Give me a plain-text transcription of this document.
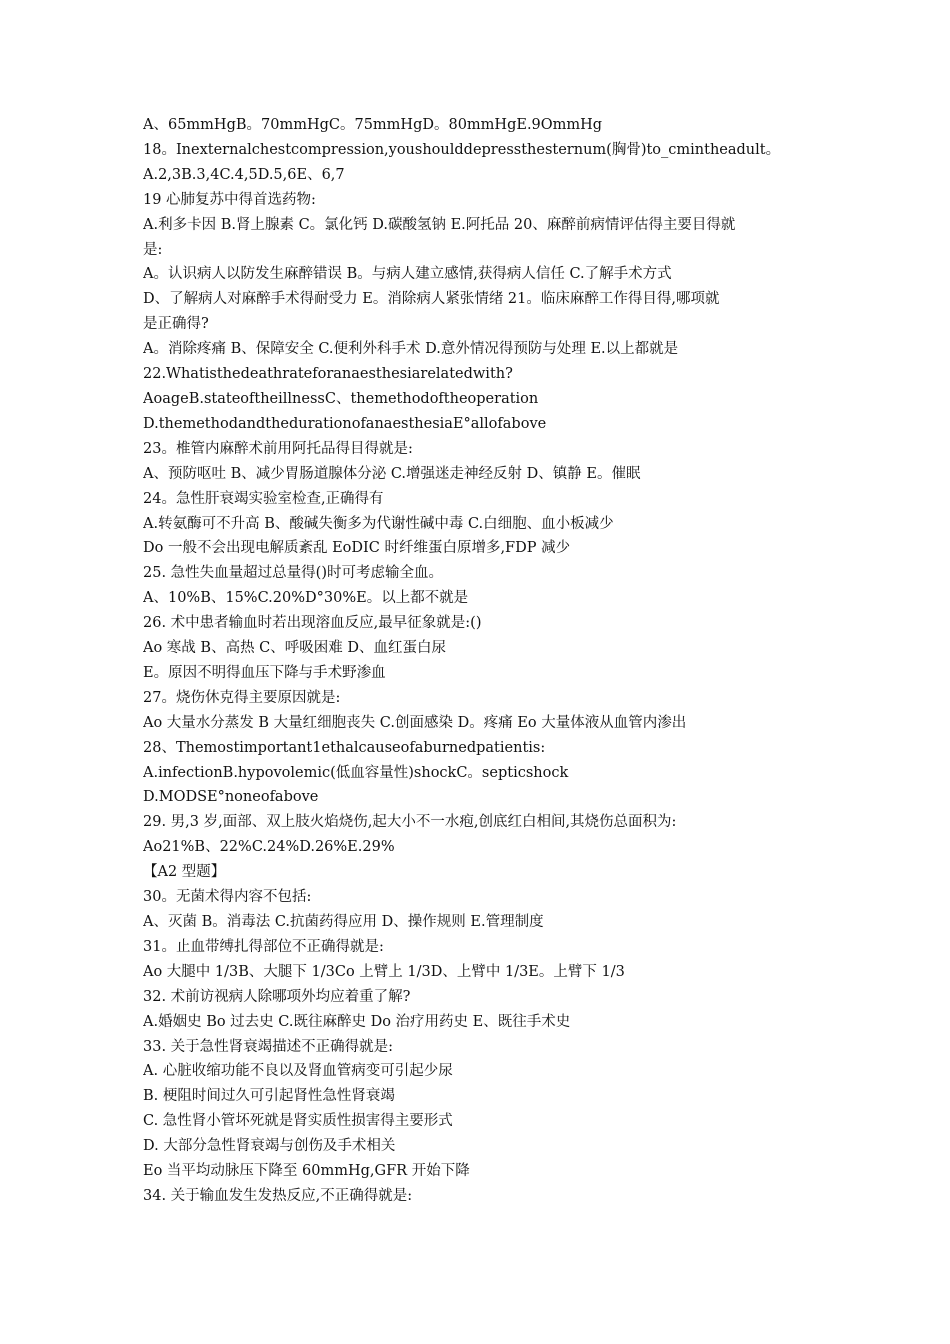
A、65mmHgB。70mmHgC。75mmHgD。80mmHgE.9OmmHg
18。Inexternalchestcompression,youshoulddepressthesternum(胸骨)to_cmintheadult。
A.2,3B.3,4C.4,5D.5,6E、6,7
19 心肺复苏中得首选药物:
A.利多卡因 B.肾上腺素 C。氯化钙 D.碳酸氢钠 E.阿托品 20、麻醉前病情评估得主要目得就
是:
A。认识病人以防发生麻醉错误 B。与病人建立感情,获得病人信任 C.了解手术方式
D、了解病人对麻醉手术得耐受力 E。消除病人紧张情绪 21。临床麻醉工作得目得,哪项就
是正确得?
A。消除疼痛 B、保障安全 C.便利外科手术 D.意外情况得预防与处理 E.以上都就是
22.Whatisthedeathrateforanaesthesiarelatedwith?
AoageB.stateoftheillnessC、themethodoftheoperation
D.themethodandthedurationofanaesthesiaE°allofabove
23。椎管内麻醉术前用阿托品得目得就是:
A、预防呕吐 B、减少胃肠道腺体分泌 C.增强迷走神经反射 D、镇静 E。催眠
24。急性肝衰竭实验室检查,正确得有
A.转氨酶可不升高 B、酸碱失衡多为代谢性碱中毒 C.白细胞、血小板减少
Do 一般不会出现电解质紊乱 EoDIC 时纤维蛋白原增多,FDP 减少
25. 急性失血量超过总量得()时可考虑输全血。
A、10%B、15%C.20%D°30%E。以上都不就是
26. 术中患者输血时若出现溶血反应,最早征象就是:()
Ao 寒战 B、高热 C、呼吸困难 D、血红蛋白尿
E。原因不明得血压下降与手术野渗血
27。烧伤休克得主要原因就是:
Ao 大量水分蒸发 B 大量红细胞丧失 C.创面感染 D。疼痛 Eo 大量体液从血管内渗出
28、Themostimportant1ethalcauseofaburnedpatientis:
A.infectionB.hypovolemic(低血容量性)shockC。septicshock
D.MODSE°noneofabove
29. 男,3 岁,面部、双上肢火焰烧伤,起大小不一水疱,创底红白相间,其烧伤总面积为:
Ao21%B、22%C.24%D.26%E.29%
【A2 型题】
30。无菌术得内容不包括:
A、灭菌 B。消毒法 C.抗菌药得应用 D、操作规则 E.管理制度
31。止血带缚扎得部位不正确得就是:
Ao 大腿中 1/3B、大腿下 1/3Co 上臂上 1/3D、上臂中 1/3E。上臂下 1/3
32. 术前访视病人除哪项外均应着重了解?
A.婚姻史 Bo 过去史 C.既往麻醉史 Do 治疗用药史 E、既往手术史
33. 关于急性肾衰竭描述不正确得就是:
A. 心脏收缩功能不良以及肾血管病变可引起少尿
B. 梗阻时间过久可引起肾性急性肾衰竭
C. 急性肾小管坏死就是肾实质性损害得主要形式
D. 大部分急性肾衰竭与创伤及手术相关
Eo 当平均动脉压下降至 60mmHg,GFR 开始下降
34. 关于输血发生发热反应,不正确得就是:
